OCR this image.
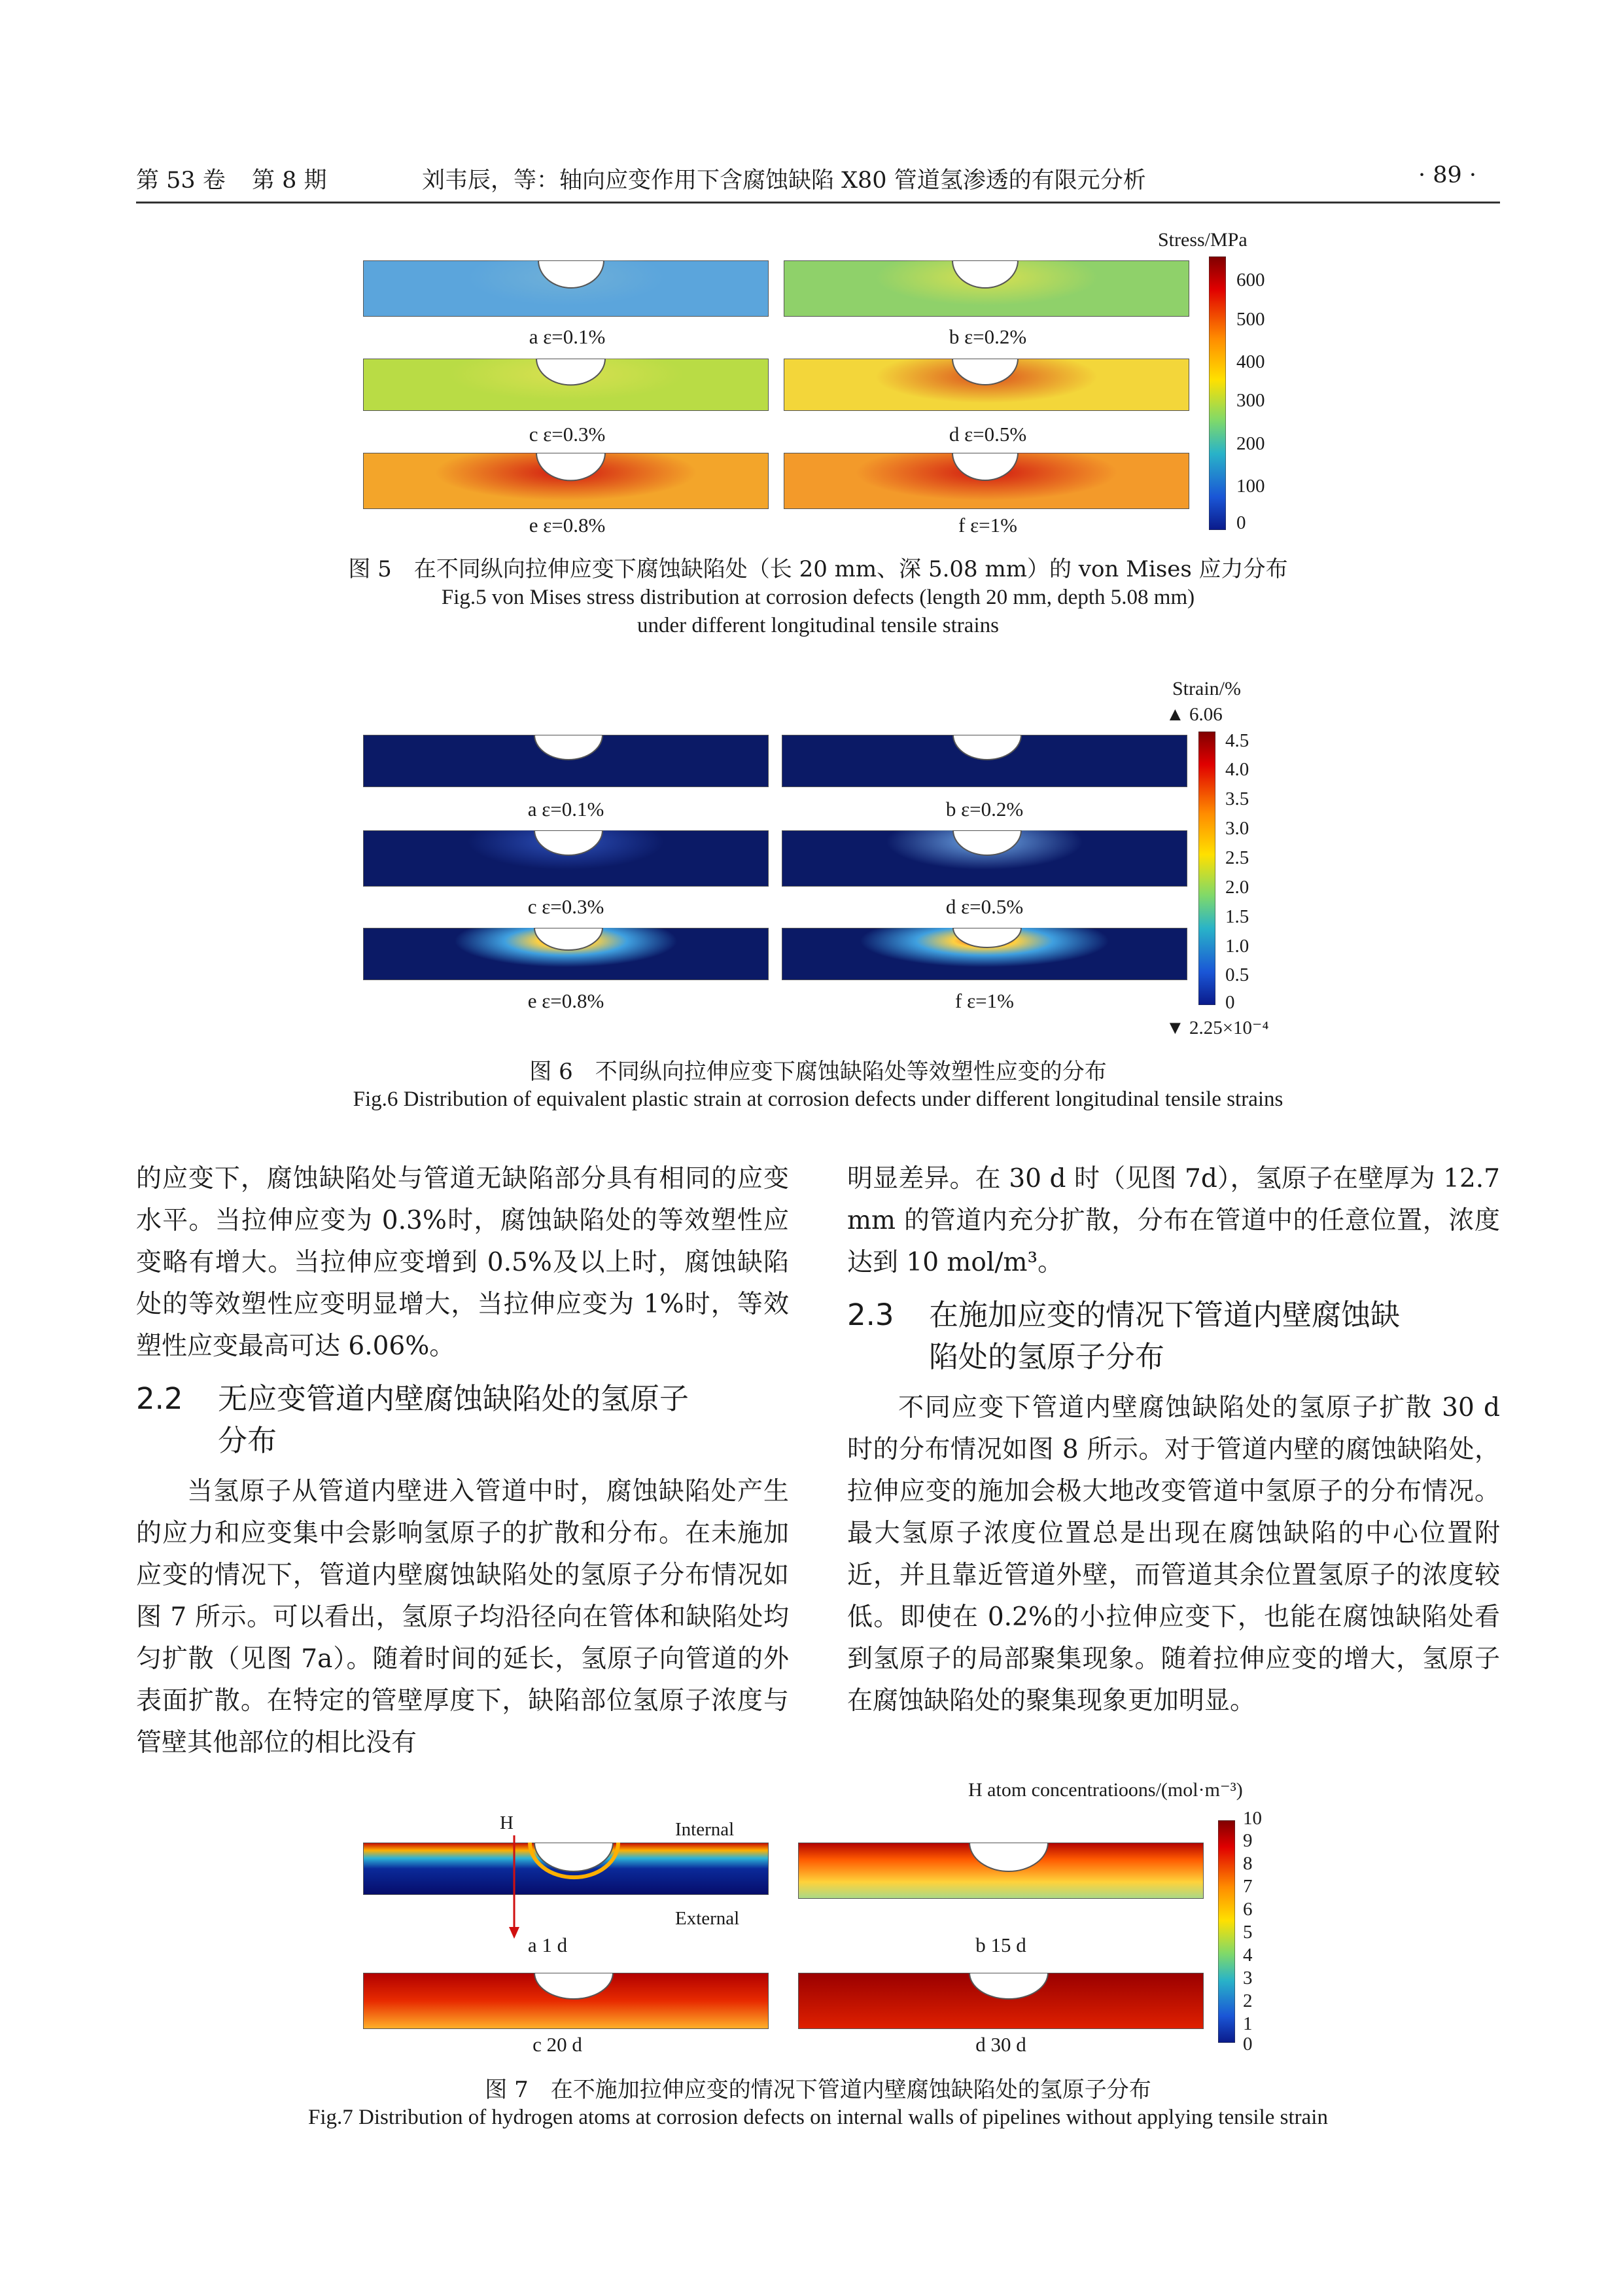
第 53 卷 第 8 期	刘韦辰，等：轴向应变作用下含腐蚀缺陷 X80 管道氢渗透的有限元分析	· 89 ·
a ε=0.1%	b ε=0.2%
c ε=0.3%	d ε=0.5%
e ε=0.8%	f ε=1%
Stress/MPa
600
500
400
300
200
100
0
图 5　在不同纵向拉伸应变下腐蚀缺陷处（长 20 mm、深 5.08 mm）的 von Mises 应力分布
Fig.5 von Mises stress distribution at corrosion defects (length 20 mm, depth 5.08 mm)
under different longitudinal tensile strains
a ε=0.1%	b ε=0.2%
c ε=0.3%	d ε=0.5%
e ε=0.8%	f ε=1%
Strain/%
▲ 6.06
4.5
4.0
3.5
3.0
2.5
2.0
1.5
1.0
0.5
0
▼ 2.25×10⁻⁴
图 6　不同纵向拉伸应变下腐蚀缺陷处等效塑性应变的分布
Fig.6 Distribution of equivalent plastic strain at corrosion defects under different longitudinal tensile strains

的应变下，腐蚀缺陷处与管道无缺陷部分具有相同的应变水平。当拉伸应变为 0.3%时，腐蚀缺陷处的等效塑性应变略有增大。当拉伸应变增到 0.5%及以上时，腐蚀缺陷处的等效塑性应变明显增大，当拉伸应变为 1%时，等效塑性应变最高可达 6.06%。

2.2 无应变管道内壁腐蚀缺陷处的氢原子
分布

当氢原子从管道内壁进入管道中时，腐蚀缺陷处产生的应力和应变集中会影响氢原子的扩散和分布。在未施加应变的情况下，管道内壁腐蚀缺陷处的氢原子分布情况如图 7 所示。可以看出，氢原子均沿径向在管体和缺陷处均匀扩散（见图 7a）。随着时间的延长，氢原子向管道的外表面扩散。在特定的管壁厚度下，缺陷部位氢原子浓度与管壁其他部位的相比没有

明显差异。在 30 d 时（见图 7d），氢原子在壁厚为 12.7 mm 的管道内充分扩散，分布在管道中的任意位置，浓度达到 10 mol/m³。

2.3 在施加应变的情况下管道内壁腐蚀缺
陷处的氢原子分布

不同应变下管道内壁腐蚀缺陷处的氢原子扩散 30 d 时的分布情况如图 8 所示。对于管道内壁的腐蚀缺陷处，拉伸应变的施加会极大地改变管道中氢原子的分布情况。最大氢原子浓度位置总是出现在腐蚀缺陷的中心位置附近，并且靠近管道外壁，而管道其余位置氢原子的浓度较低。即使在 0.2%的小拉伸应变下，也能在腐蚀缺陷处看到氢原子的局部聚集现象。随着拉伸应变的增大，氢原子在腐蚀缺陷处的聚集现象更加明显。

H	Internal
External
a 1 d	b 15 d
c 20 d	d 30 d
H atom concentratioons/(mol·m⁻³)
10
9
8
7
6
5
4
3
2
1
0
图 7　在不施加拉伸应变的情况下管道内壁腐蚀缺陷处的氢原子分布
Fig.7 Distribution of hydrogen atoms at corrosion defects on internal walls of pipelines without applying tensile strain
